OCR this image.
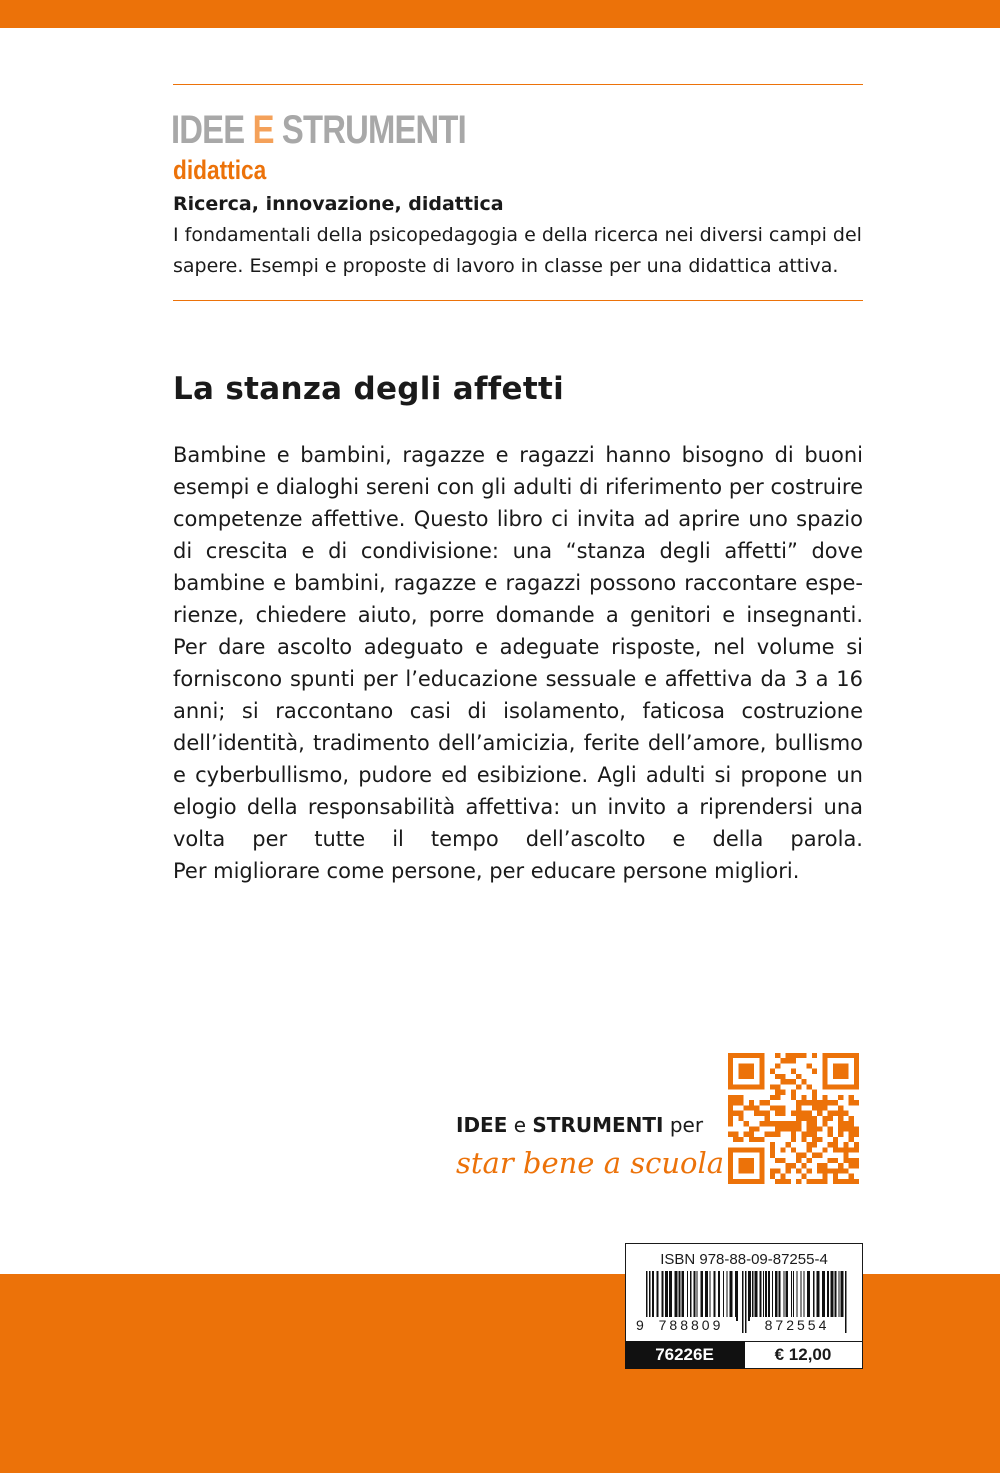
IDEE E STRUMENTI
didattica
Ricerca, innovazione, didattica

I fondamentali della psicopedagogia e della ricerca nei diversi campi del sapere. Esempi e proposte di lavoro in classe per una didattica attiva.

La stanza degli affetti

Bambine e bambini, ragazze e ragazzi hanno bisogno di buoni esempi e dialoghi sereni con gli adulti di riferimento per costruire competenze affettive. Questo libro ci invita ad aprire uno spazio di crescita e di condivisione: una “stanza degli affetti” dove bambine e bambini, ragazze e ragazzi possono raccontare esperienze, chiedere aiuto, porre domande a genitori e insegnanti.

Per dare ascolto adeguato e adeguate risposte, nel volume si forniscono spunti per l’educazione sessuale e affettiva da 3 a 16 anni; si raccontano casi di isolamento, faticosa costruzione dell’identità, tradimento dell’amicizia, ferite dell’amore, bullismo e cyberbullismo, pudore ed esibizione. Agli adulti si propone un elogio della responsabilità affettiva: un invito a riprendersi una volta per tutte il tempo dell’ascolto e della parola.

Per migliorare come persone, per educare persone migliori.

IDEE e STRUMENTI per
star bene a scuola
ISBN 978-88-09-87255-4
9 788809	872554
76226E	€ 12,00
